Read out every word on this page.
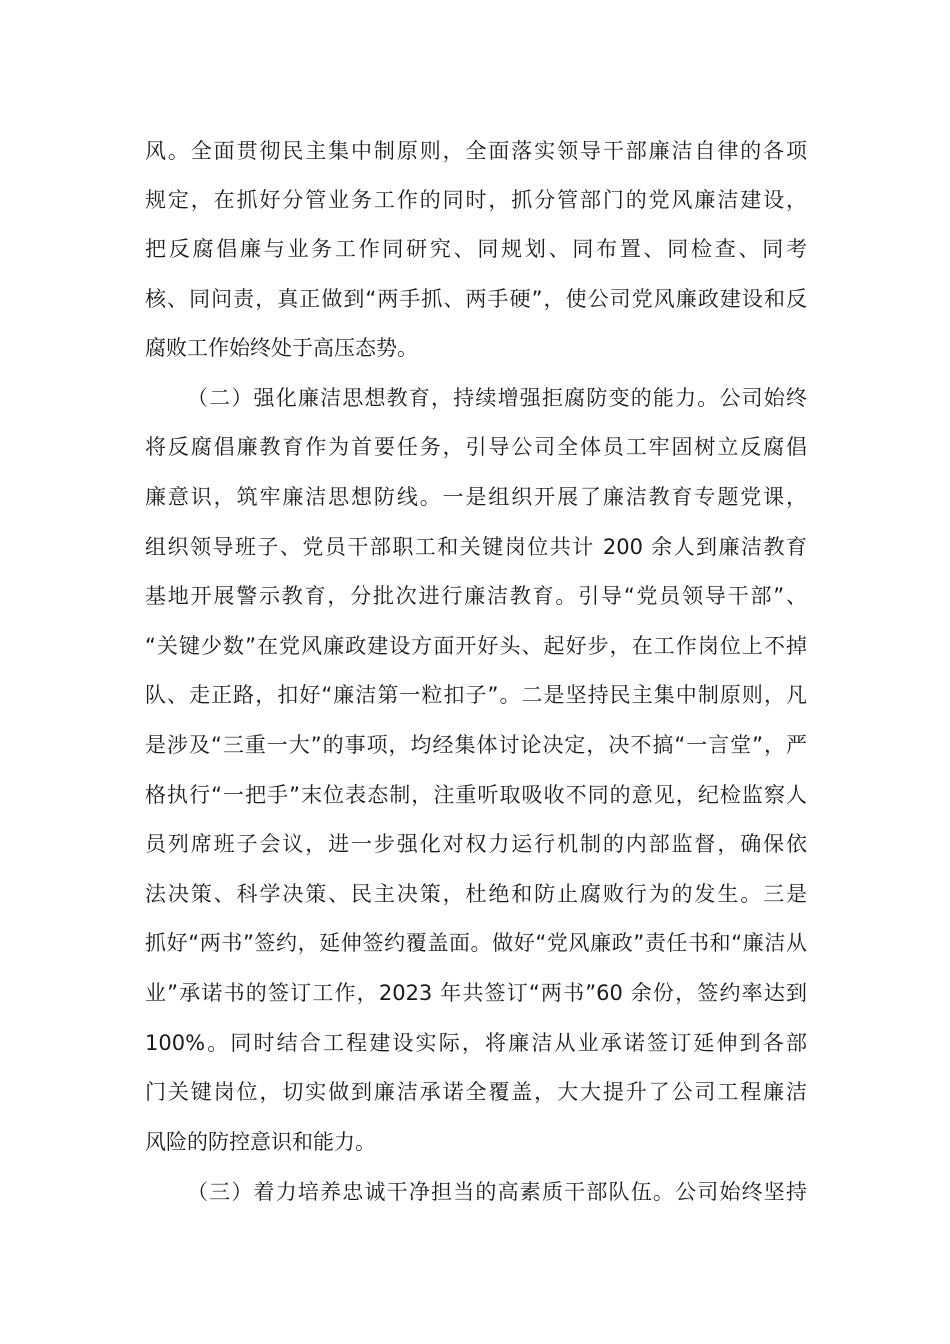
风。全面贯彻民主集中制原则，全面落实领导干部廉洁自律的各项
规定，在抓好分管业务工作的同时，抓分管部门的党风廉洁建设，
把反腐倡廉与业务工作同研究、同规划、同布置、同检查、同考
核、同问责，真正做到“两手抓、两手硬”，使公司党风廉政建设和反
腐败工作始终处于高压态势。
（二）强化廉洁思想教育，持续增强拒腐防变的能力。公司始终
将反腐倡廉教育作为首要任务，引导公司全体员工牢固树立反腐倡
廉意识，筑牢廉洁思想防线。一是组织开展了廉洁教育专题党课，
组织领导班子、党员干部职工和关键岗位共计 200 余人到廉洁教育
基地开展警示教育，分批次进行廉洁教育。引导“党员领导干部”、
“关键少数”在党风廉政建设方面开好头、起好步，在工作岗位上不掉
队、走正路，扣好“廉洁第一粒扣子”。二是坚持民主集中制原则，凡
是涉及“三重一大”的事项，均经集体讨论决定，决不搞“一言堂”，严
格执行“一把手”末位表态制，注重听取吸收不同的意见，纪检监察人
员列席班子会议，进一步强化对权力运行机制的内部监督，确保依
法决策、科学决策、民主决策，杜绝和防止腐败行为的发生。三是
抓好“两书”签约，延伸签约覆盖面。做好“党风廉政”责任书和“廉洁从
业”承诺书的签订工作，2023 年共签订“两书”60 余份，签约率达到
100%。同时结合工程建设实际，将廉洁从业承诺签订延伸到各部
门关键岗位，切实做到廉洁承诺全覆盖，大大提升了公司工程廉洁
风险的防控意识和能力。
（三）着力培养忠诚干净担当的高素质干部队伍。公司始终坚持
